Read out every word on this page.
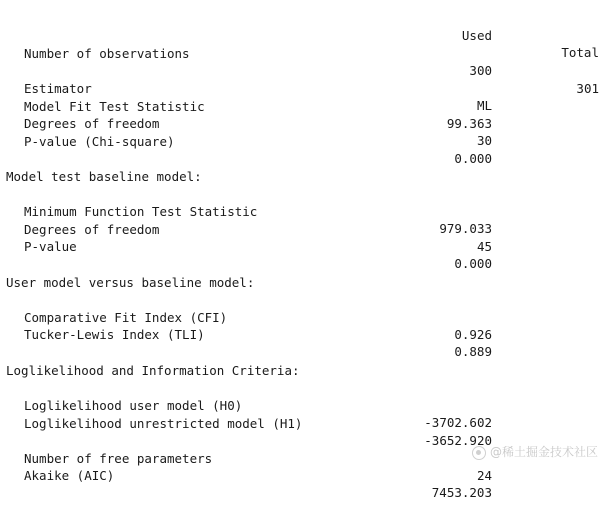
Used

Total

Number of observations

300

301

Estimator

ML

Model Fit Test Statistic

99.363

Degrees of freedom

30

P-value (Chi-square)

0.000

Model test baseline model:

Minimum Function Test Statistic

979.033

Degrees of freedom

45

P-value

0.000

User model versus baseline model:

Comparative Fit Index (CFI)

0.926

Tucker-Lewis Index (TLI)

0.889

Loglikelihood and Information Criteria:

Loglikelihood user model (H0)

-3702.602

Loglikelihood unrestricted model (H1)

-3652.920

Number of free parameters

24

Akaike (AIC)

7453.203

@稀土掘金技术社区
